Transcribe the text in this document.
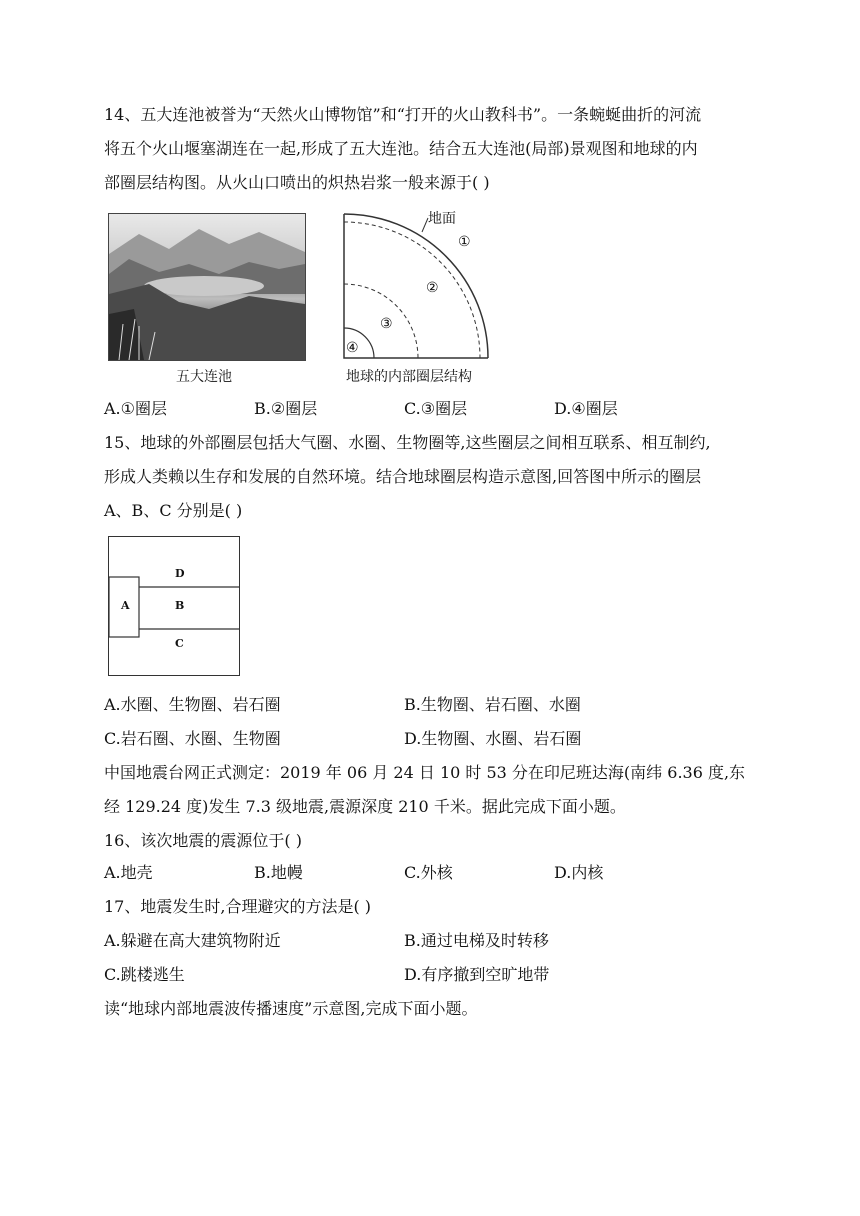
14、五大连池被誉为“天然火山博物馆”和“打开的火山教科书”。一条蜿蜒曲折的河流
将五个火山堰塞湖连在一起,形成了五大连池。结合五大连池(局部)景观图和地球的内
部圈层结构图。从火山口喷出的炽热岩浆一般来源于( )
五大连池
地面
①
②
③
④
地球的内部圈层结构
A.①圈层	B.②圈层	C.③圈层	D.④圈层
15、地球的外部圈层包括大气圈、水圈、生物圈等,这些圈层之间相互联系、相互制约,
形成人类赖以生存和发展的自然环境。结合地球圈层构造示意图,回答图中所示的圈层
A、B、C 分别是( )
D
A	B
C
A.水圈、生物圈、岩石圈	B.生物圈、岩石圈、水圈
C.岩石圈、水圈、生物圈	D.生物圈、水圈、岩石圈
中国地震台网正式测定：2019 年 06 月 24 日 10 时 53 分在印尼班达海(南纬 6.36 度,东
经 129.24 度)发生 7.3 级地震,震源深度 210 千米。据此完成下面小题。
16、该次地震的震源位于( )
A.地壳	B.地幔	C.外核	D.内核
17、地震发生时,合理避灾的方法是( )
A.躲避在高大建筑物附近	B.通过电梯及时转移
C.跳楼逃生	D.有序撤到空旷地带
读“地球内部地震波传播速度”示意图,完成下面小题。
